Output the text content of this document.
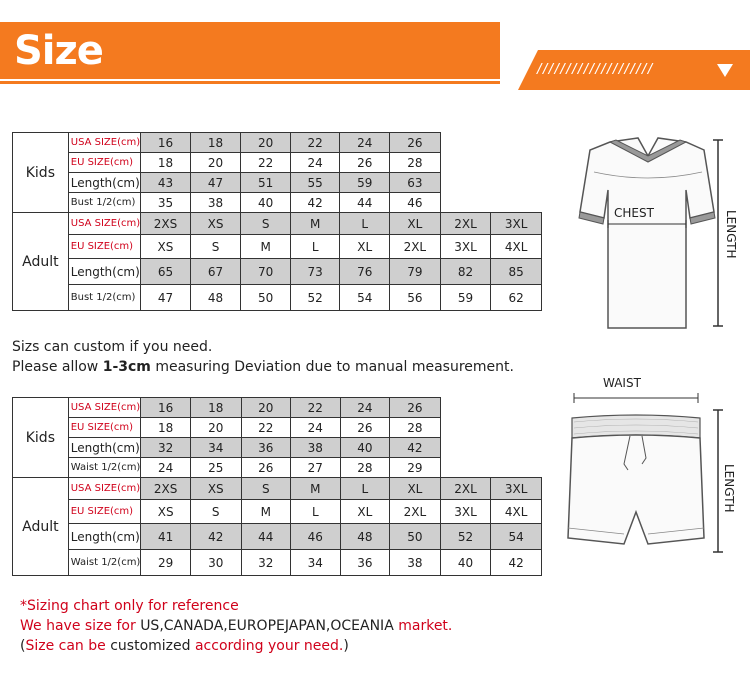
Size	////////////////////
Kids	USA SIZE(cm)	16	18	20	22	24	26		
	EU SIZE(cm)	18	20	22	24	26	28		
	Length(cm)	43	47	51	55	59	63		
	Bust 1/2(cm)	35	38	40	42	44	46		
Adult	USA SIZE(cm)	2XS	XS	S	M	L	XL	2XL	3XL
	EU SIZE(cm)	XS	S	M	L	XL	2XL	3XL	4XL
	Length(cm)	65	67	70	73	76	79	82	85
	Bust 1/2(cm)	47	48	50	52	54	56	59	62
Sizs can custom if you need.
Please allow 1-3cm measuring Deviation due to manual measurement.
Kids	USA SIZE(cm)	16	18	20	22	24	26		
	EU SIZE(cm)	18	20	22	24	26	28		
	Length(cm)	32	34	36	38	40	42		
	Waist 1/2(cm)	24	25	26	27	28	29		
Adult	USA SIZE(cm)	2XS	XS	S	M	L	XL	2XL	3XL
	EU SIZE(cm)	XS	S	M	L	XL	2XL	3XL	4XL
	Length(cm)	41	42	44	46	48	50	52	54
	Waist 1/2(cm)	29	30	32	34	36	38	40	42
CHEST	LENGTH
WAIST
LENGTH
*Sizing chart only for reference
We have size for US,CANADA,EUROPEJAPAN,OCEANIA market.
(Size can be customized according your need.)
